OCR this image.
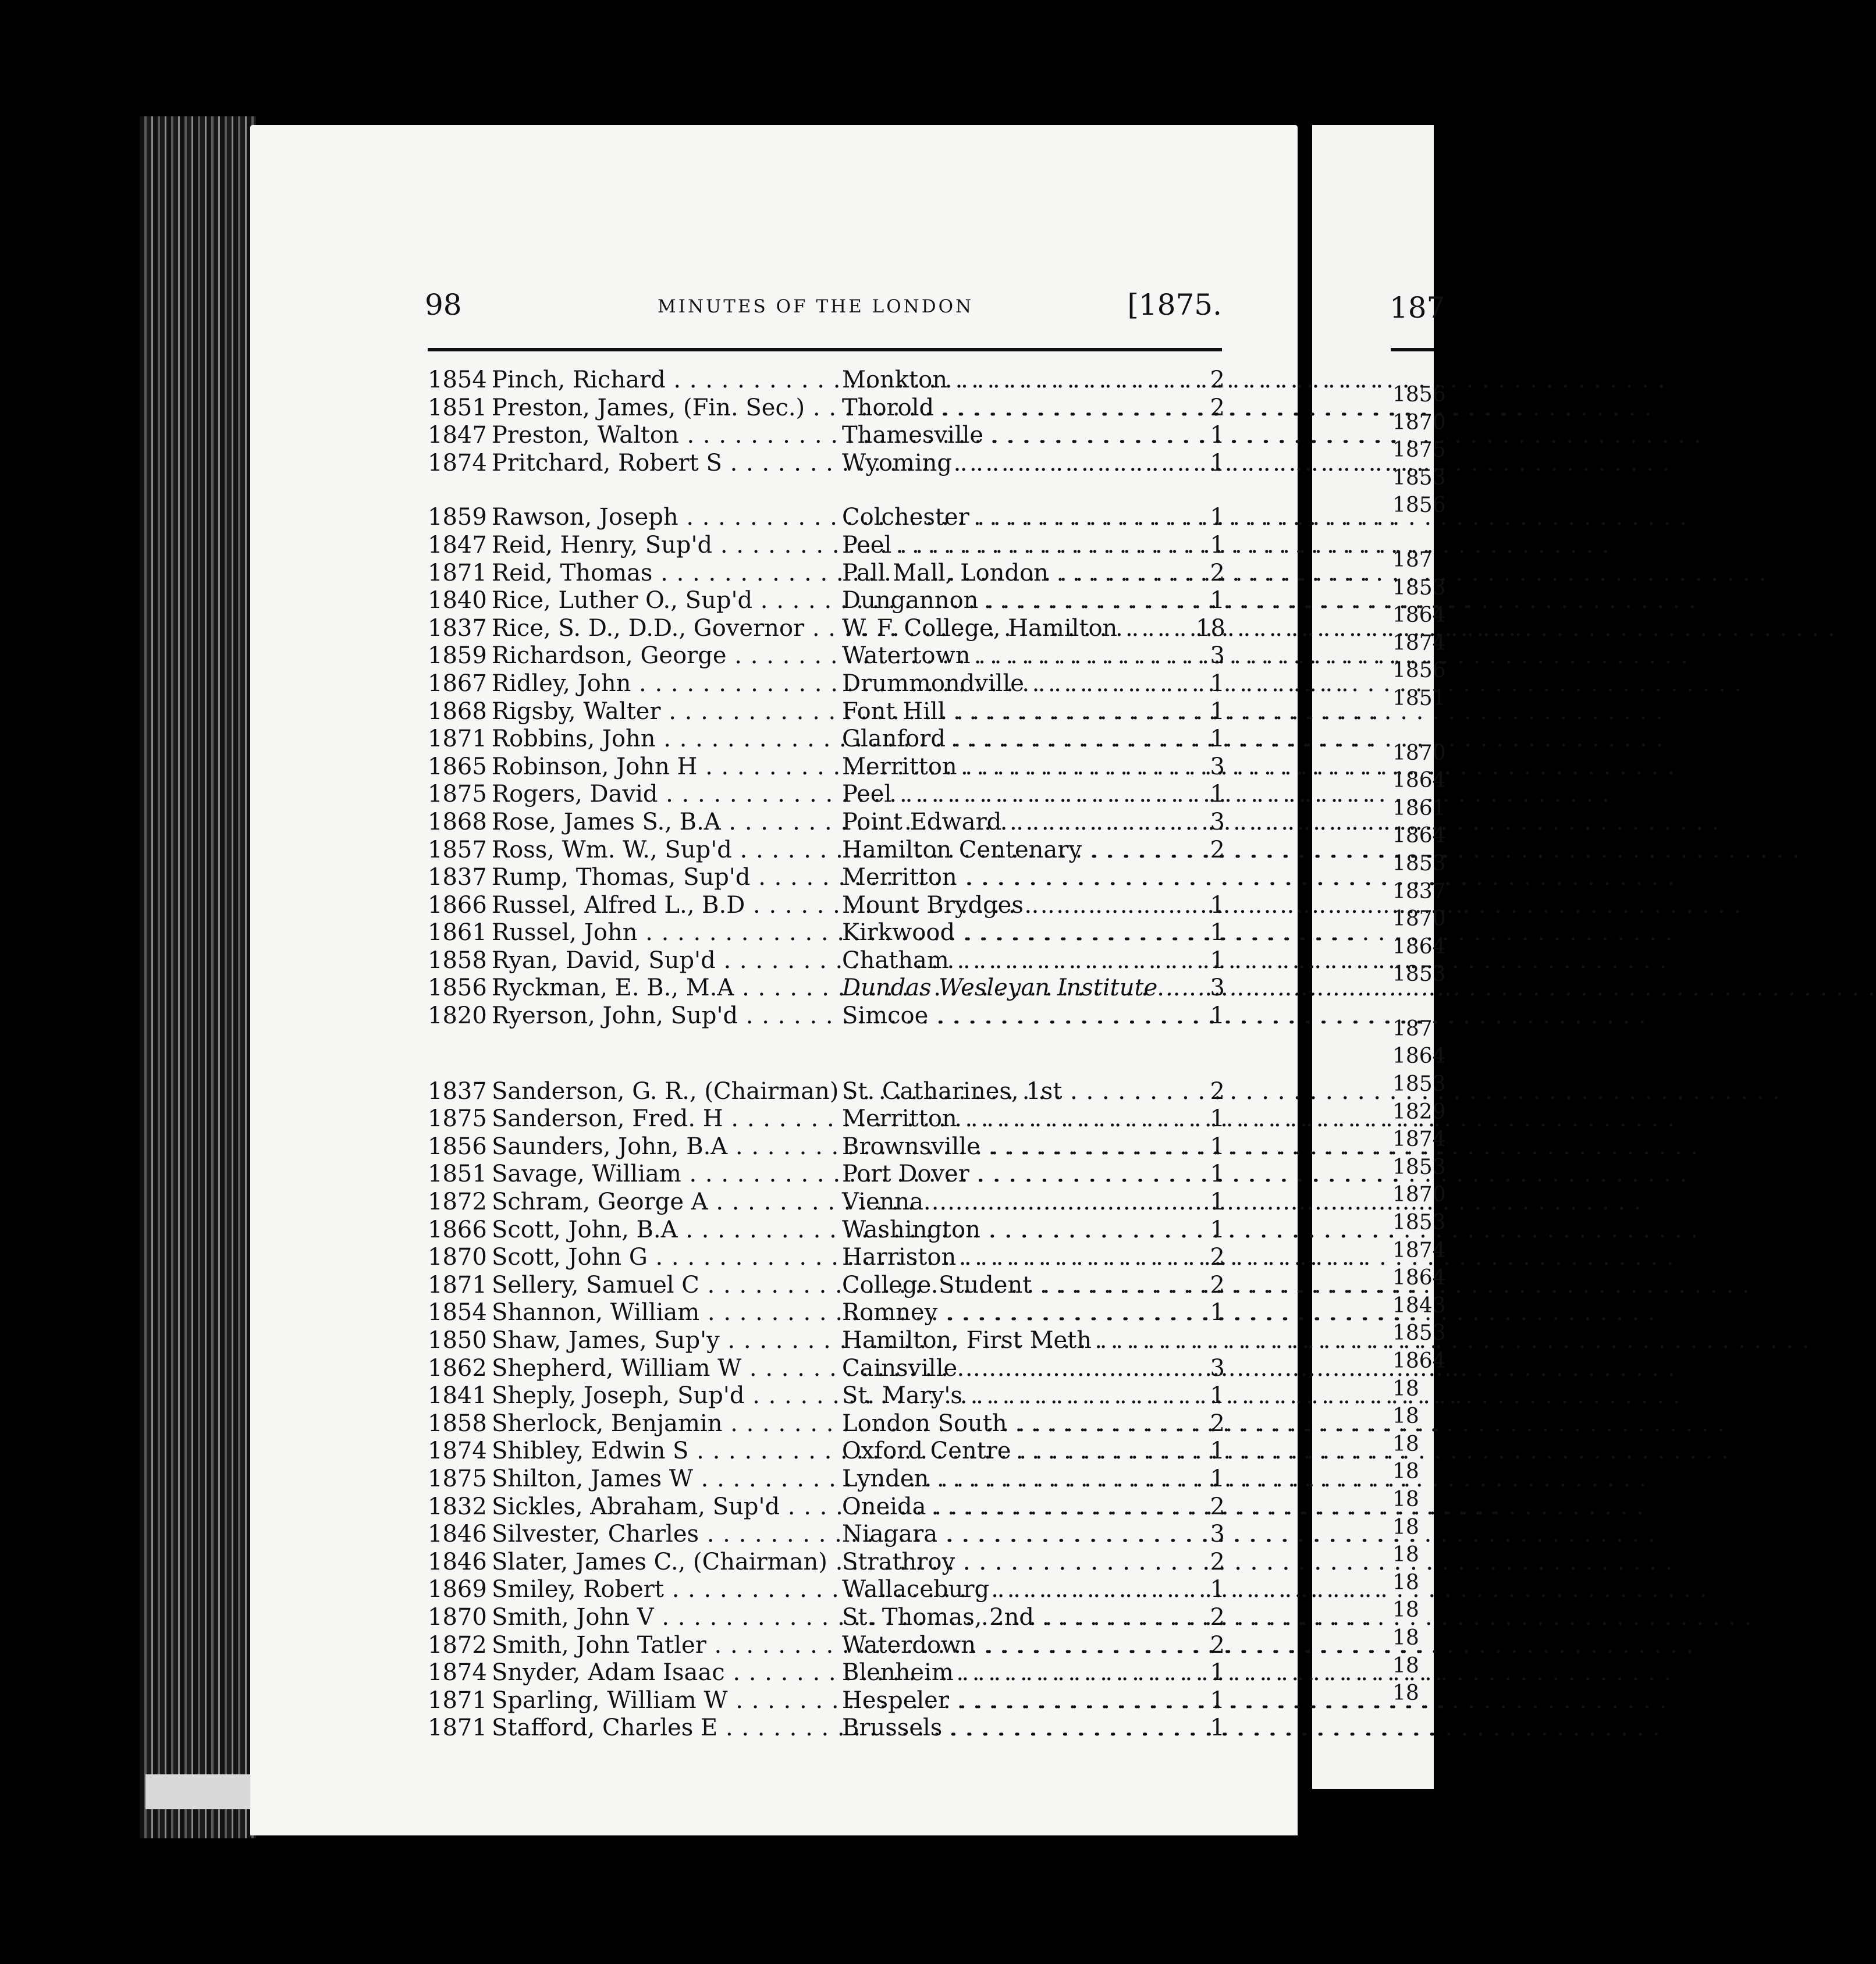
98	MINUTES OF THE LONDON	[1875.
1854 Pinch, Richard . . .	Monkton . . .	2
1851 Preston, James, (Fin. Sec.) . . .	Thorold . . .	2
1847 Preston, Walton . . .	Thamesville . . .	1
1874 Pritchard, Robert S . . .	Wyoming . . .	1
1859 Rawson, Joseph . . .	Colchester . . .	1
1847 Reid, Henry, Sup'd . . .	Peel . . .	1
1871 Reid, Thomas . . .	Pall Mall, London . . .	2
1840 Rice, Luther O., Sup'd . . .	Dungannon . . .	1
1837 Rice, S. D., D.D., Governor . . .	W. F. College, Hamilton . . .	18
1859 Richardson, George . . .	Watertown . . .	3
1867 Ridley, John . . .	Drummondville . . .	1
1868 Rigsby, Walter . . .	Font Hill . . .	1
1871 Robbins, John . . .	Glanford . . .	1
1865 Robinson, John H . . .	Merritton . . .	3
1875 Rogers, David . . .	Peel . . .	1
1868 Rose, James S., B.A . . .	Point Edward . . .	3
1857 Ross, Wm. W., Sup'd . . .	Hamilton Centenary . . .	2
1837 Rump, Thomas, Sup'd . . .	Merritton . . .
1866 Russel, Alfred L., B.D . . .	Mount Brydges . . .	1
1861 Russel, John . . .	Kirkwood . . .	1
1858 Ryan, David, Sup'd . . .	Chatham . . .	1
1856 Ryckman, E. B., M.A . . .	Dundas Wesleyan Institute . . .	3
1820 Ryerson, John, Sup'd . . .	Simcoe . . .	1
1837 Sanderson, G. R., (Chairman) . . . St. Catharines, 1st . . .	2
1875 Sanderson, Fred. H . . .	Merritton . . .	1
1856 Saunders, John, B.A . . .	Brownsville . . .	1
1851 Savage, William . . .	Port Dover . . .	1
1872 Schram, George A . . .	Vienna . . .	1
1866 Scott, John, B.A . . .	Washington . . .	1
1870 Scott, John G . . .	Harriston . . .	2
1871 Sellery, Samuel C . . .	College Student . . .	2
1854 Shannon, William . . .	Romney . . .	1
1850 Shaw, James, Sup'y . . .	Hamilton, First Meth . . .
1862 Shepherd, William W . . .	Cainsville . . .	3
1841 Sheply, Joseph, Sup'd . . .	St. Mary's . . .	1
1858 Sherlock, Benjamin . . .	London South . . .	2
1874 Shibley, Edwin S . . .	Oxford Centre . . .	1
1875 Shilton, James W . . .	Lynden . . .	1
1832 Sickles, Abraham, Sup'd . . .	Oneida . . .	2
1846 Silvester, Charles . . .	Niagara . . .	3
1846 Slater, James C., (Chairman) . . . Strathroy . . .	2
1869 Smiley, Robert . . .	Wallaceburg . . .	1
1870 Smith, John V . . .	St. Thomas, 2nd . . .	2
1872 Smith, John Tatler . . .	Waterdown . . .	2
1874 Snyder, Adam Isaac . . .	Blenheim . . .	1
1871 Sparling, William W . . .	Hespeler . . .	1
1871 Stafford, Charles E . . .	Brussels . . .	1
187
1856
1870
1875
1853
1856
187
1853
1864
1874
1856
1851
1870
1864
1861
1864
1853
1837
1870
1864
1853
187
1864
1853
1829
1874
1853
1870
1853
1874
1864
1843
1853
1864
18
18
18
18
18
18
18
18
18
18
18
18
